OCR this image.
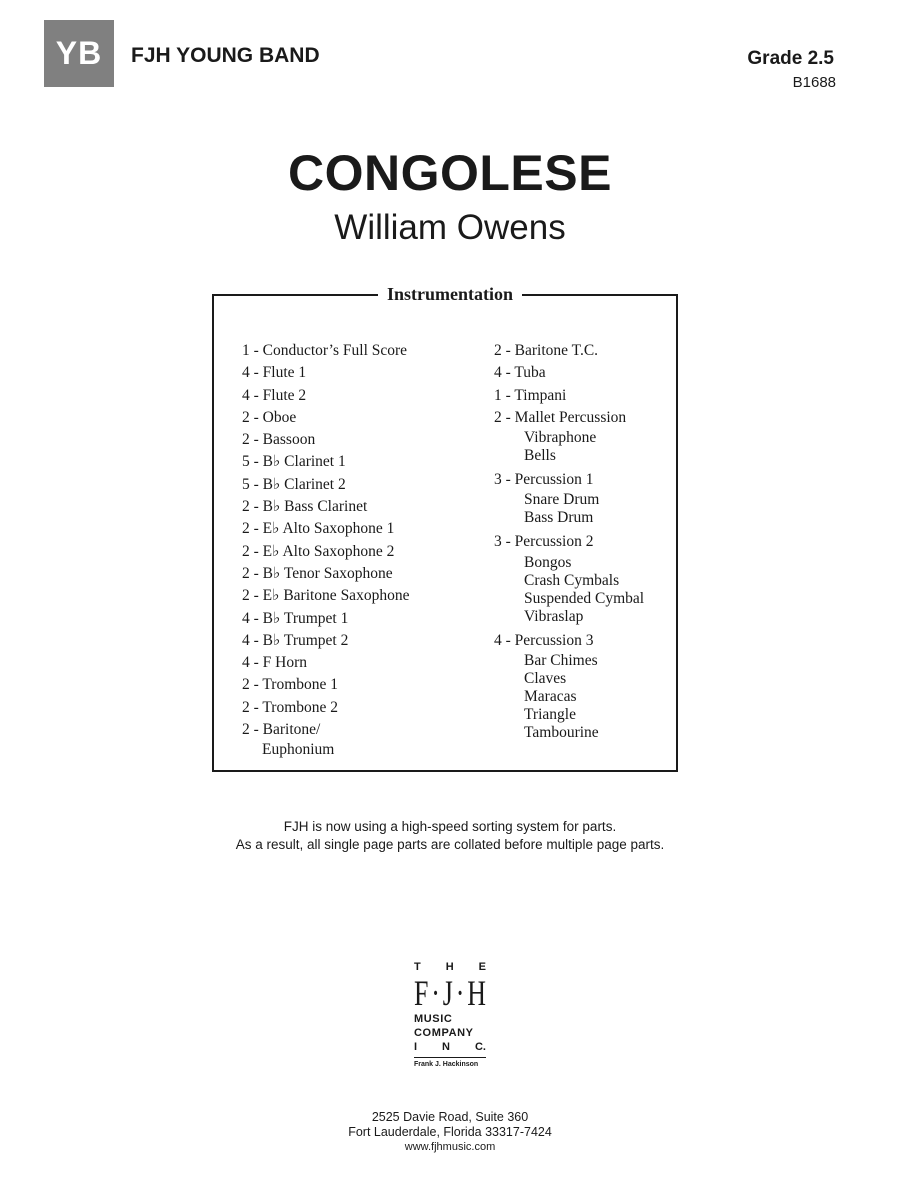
YB	FJH YOUNG BAND	Grade 2.5
B1688
CONGOLESE
William Owens
Instrumentation
1 - Conductor’s Full Score
4 - Flute 1
4 - Flute 2
2 - Oboe
2 - Bassoon
5 - B♭ Clarinet 1
5 - B♭ Clarinet 2
2 - B♭ Bass Clarinet
2 - E♭ Alto Saxophone 1
2 - E♭ Alto Saxophone 2
2 - B♭ Tenor Saxophone
2 - E♭ Baritone Saxophone
4 - B♭ Trumpet 1
4 - B♭ Trumpet 2
4 - F Horn
2 - Trombone 1
2 - Trombone 2
2 - Baritone/
Euphonium
2 - Baritone T.C.
4 - Tuba
1 - Timpani
2 - Mallet Percussion
Vibraphone
Bells
3 - Percussion 1
Snare Drum
Bass Drum
3 - Percussion 2
Bongos
Crash Cymbals
Suspended Cymbal
Vibraslap
4 - Percussion 3
Bar Chimes
Claves
Maracas
Triangle
Tambourine
FJH is now using a high-speed sorting system for parts.
As a result, all single page parts are collated before multiple page parts.
T H E
F · J · H
MUSIC
COMPANY
I N C.
Frank J. Hackinson
2525 Davie Road, Suite 360
Fort Lauderdale, Florida 33317-7424
www.fjhmusic.com
